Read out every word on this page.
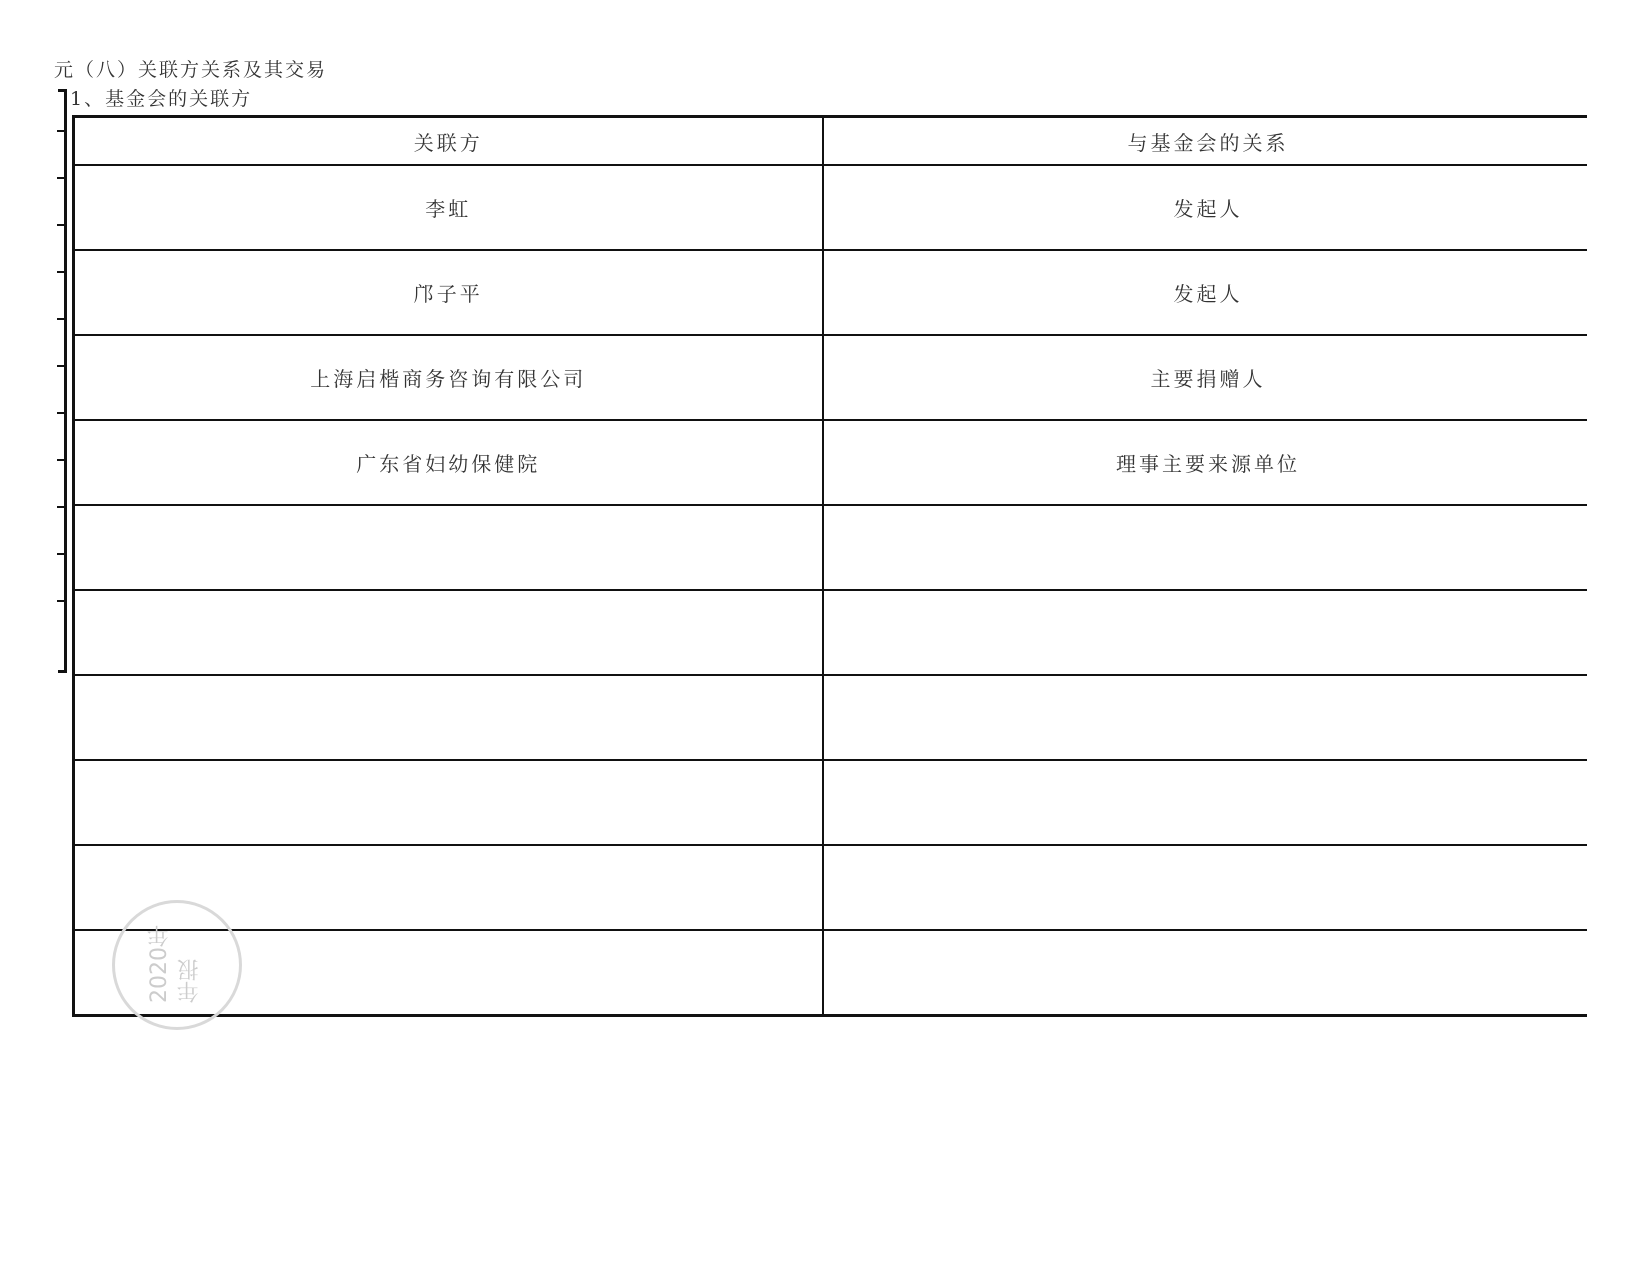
元（八）关联方关系及其交易
1、基金会的关联方
关联方	与基金会的关系
李虹	发起人
邝子平	发起人
上海启楷商务咨询有限公司	主要捐赠人
广东省妇幼保健院	理事主要来源单位

2020年 年报
